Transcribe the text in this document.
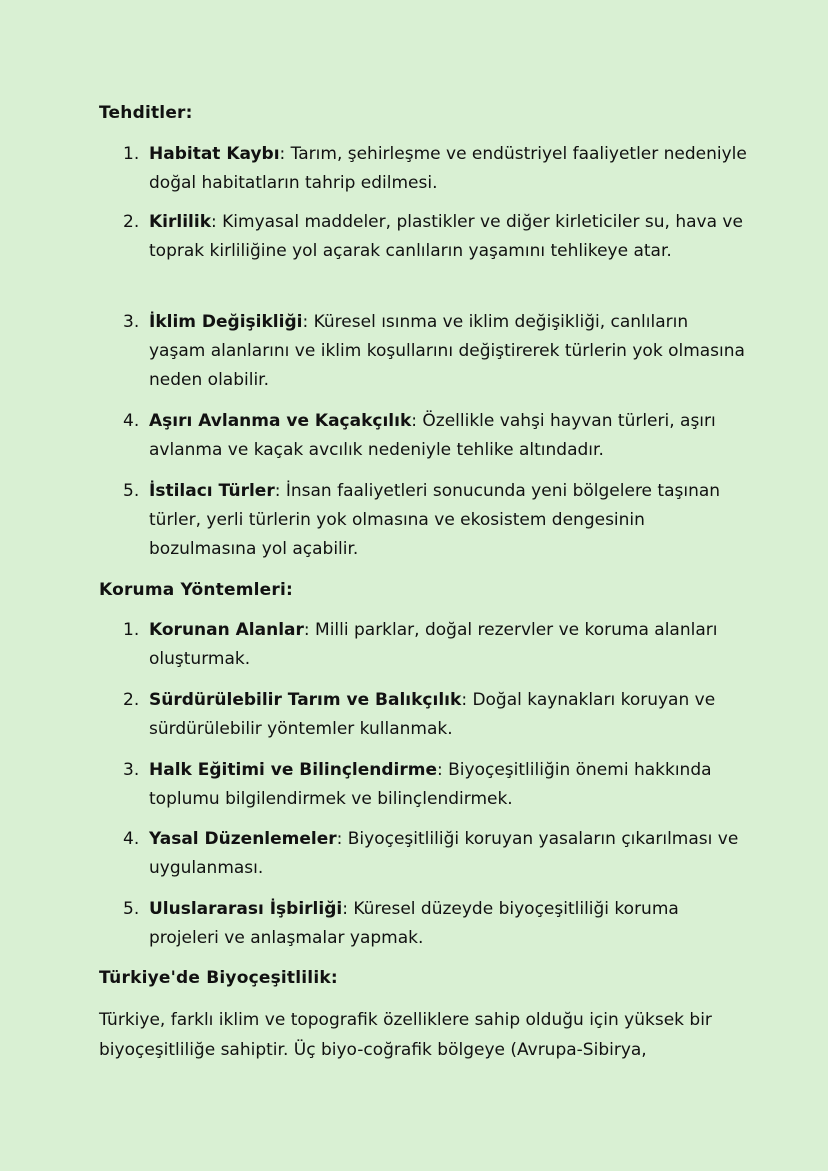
Tehditler:
1. Habitat Kaybı: Tarım, şehirleşme ve endüstriyel faaliyetler nedeniyle doğal habitatların tahrip edilmesi.
2. Kirlilik: Kimyasal maddeler, plastikler ve diğer kirleticiler su, hava ve toprak kirliliğine yol açarak canlıların yaşamını tehlikeye atar.
3. İklim Değişikliği: Küresel ısınma ve iklim değişikliği, canlıların yaşam alanlarını ve iklim koşullarını değiştirerek türlerin yok olmasına neden olabilir.
4. Aşırı Avlanma ve Kaçakçılık: Özellikle vahşi hayvan türleri, aşırı avlanma ve kaçak avcılık nedeniyle tehlike altındadır.
5. İstilacı Türler: İnsan faaliyetleri sonucunda yeni bölgelere taşınan türler, yerli türlerin yok olmasına ve ekosistem dengesinin bozulmasına yol açabilir.
Koruma Yöntemleri:
1. Korunan Alanlar: Milli parklar, doğal rezervler ve koruma alanları oluşturmak.
2. Sürdürülebilir Tarım ve Balıkçılık: Doğal kaynakları koruyan ve sürdürülebilir yöntemler kullanmak.
3. Halk Eğitimi ve Bilinçlendirme: Biyoçeşitliliğin önemi hakkında toplumu bilgilendirmek ve bilinçlendirmek.
4. Yasal Düzenlemeler: Biyoçeşitliliği koruyan yasaların çıkarılması ve uygulanması.
5. Uluslararası İşbirliği: Küresel düzeyde biyoçeşitliliği koruma projeleri ve anlaşmalar yapmak.
Türkiye'de Biyoçeşitlilik:

Türkiye, farklı iklim ve topografik özelliklere sahip olduğu için yüksek bir biyoçeşitliliğe sahiptir. Üç biyo-coğrafik bölgeye (Avrupa-Sibirya,
